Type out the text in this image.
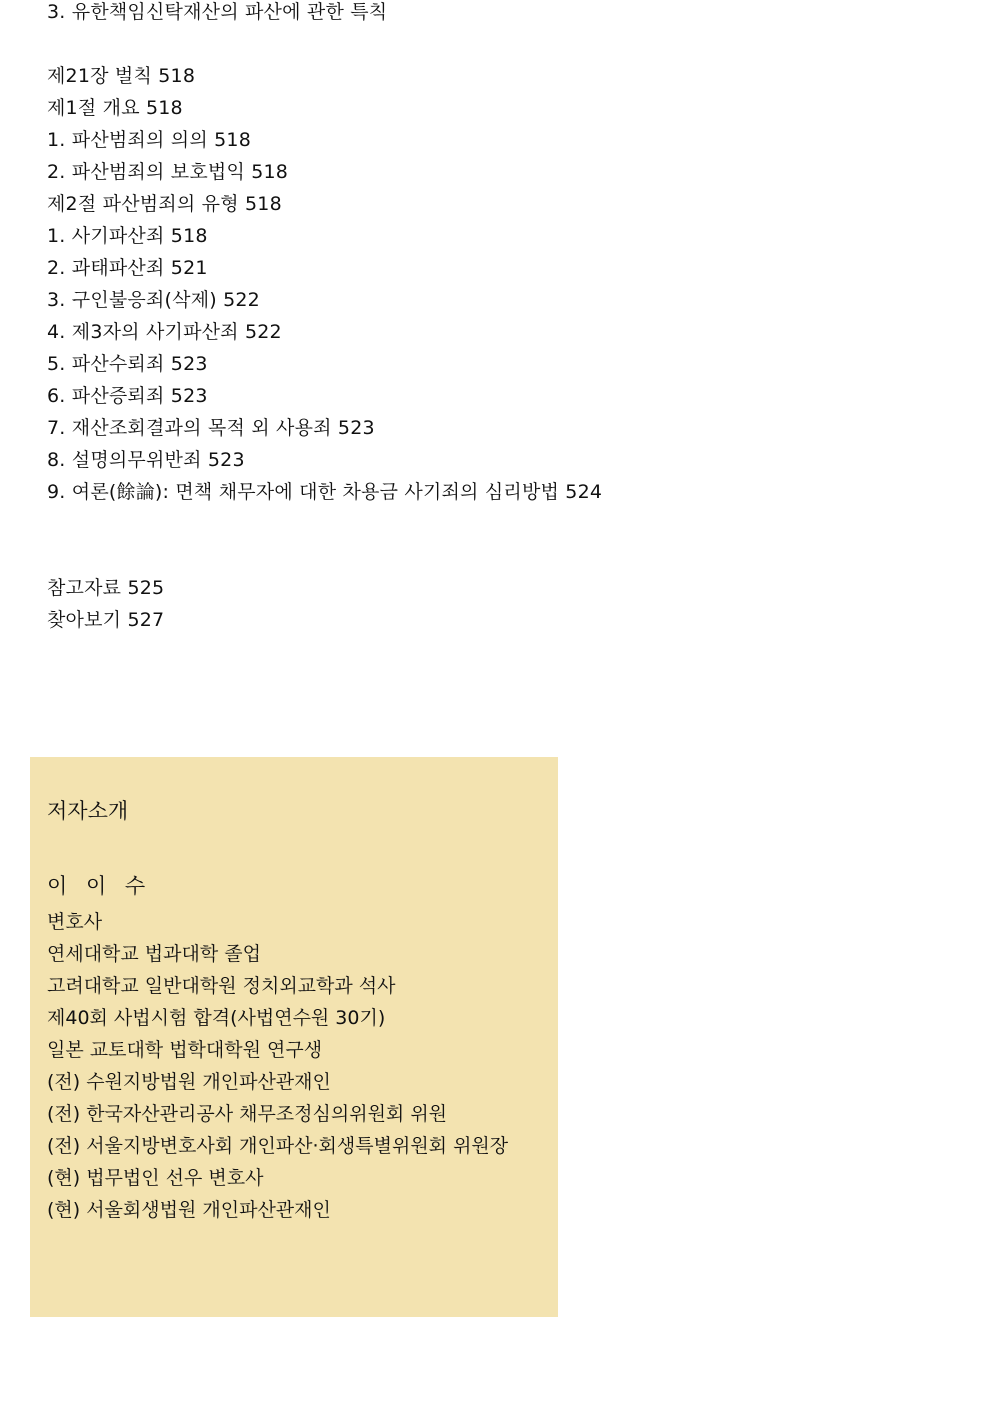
3. 유한책임신탁재산의 파산에 관한 특칙
제21장 벌칙 518
제1절 개요 518
1. 파산범죄의 의의 518
2. 파산범죄의 보호법익 518
제2절 파산범죄의 유형 518
1. 사기파산죄 518
2. 과태파산죄 521
3. 구인불응죄(삭제) 522
4. 제3자의 사기파산죄 522
5. 파산수뢰죄 523
6. 파산증뢰죄 523
7. 재산조회결과의 목적 외 사용죄 523
8. 설명의무위반죄 523
9. 여론(餘論): 면책 채무자에 대한 차용금 사기죄의 심리방법 524
참고자료 525
찾아보기 527
저자소개
이 이 수
변호사
연세대학교 법과대학 졸업
고려대학교 일반대학원 정치외교학과 석사
제40회 사법시험 합격(사법연수원 30기)
일본 교토대학 법학대학원 연구생
(전) 수원지방법원 개인파산관재인
(전) 한국자산관리공사 채무조정심의위원회 위원
(전) 서울지방변호사회 개인파산·회생특별위원회 위원장
(현) 법무법인 선우 변호사
(현) 서울회생법원 개인파산관재인
